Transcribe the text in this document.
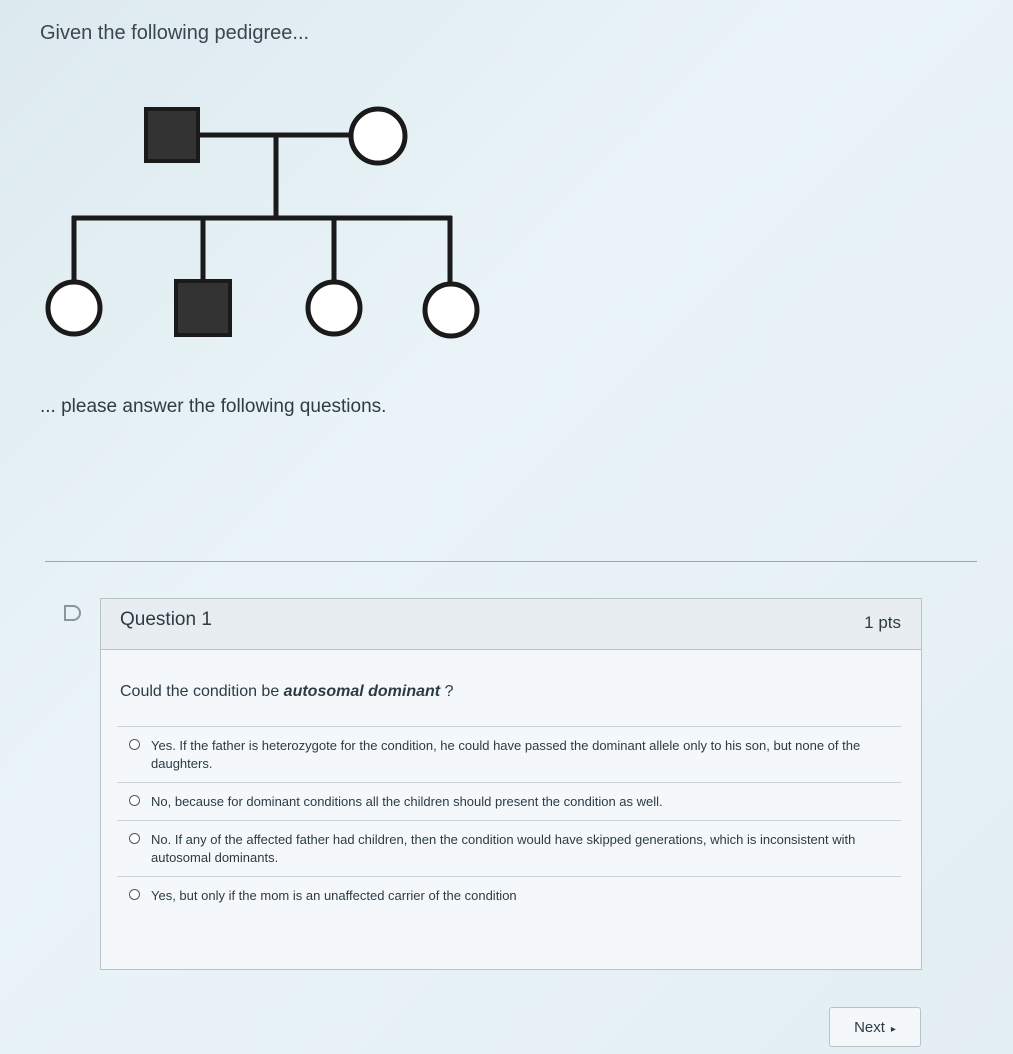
Given the following pedigree...
... please answer the following questions.
Question 1	1 pts
Could the condition be autosomal dominant ?
Yes. If the father is heterozygote for the condition, he could have passed the dominant allele only to his son, but none of the daughters.
No, because for dominant conditions all the children should present the condition as well.
No. If any of the affected father had children, then the condition would have skipped generations, which is inconsistent with autosomal dominants.
Yes, but only if the mom is an unaffected carrier of the condition
Next ▸
